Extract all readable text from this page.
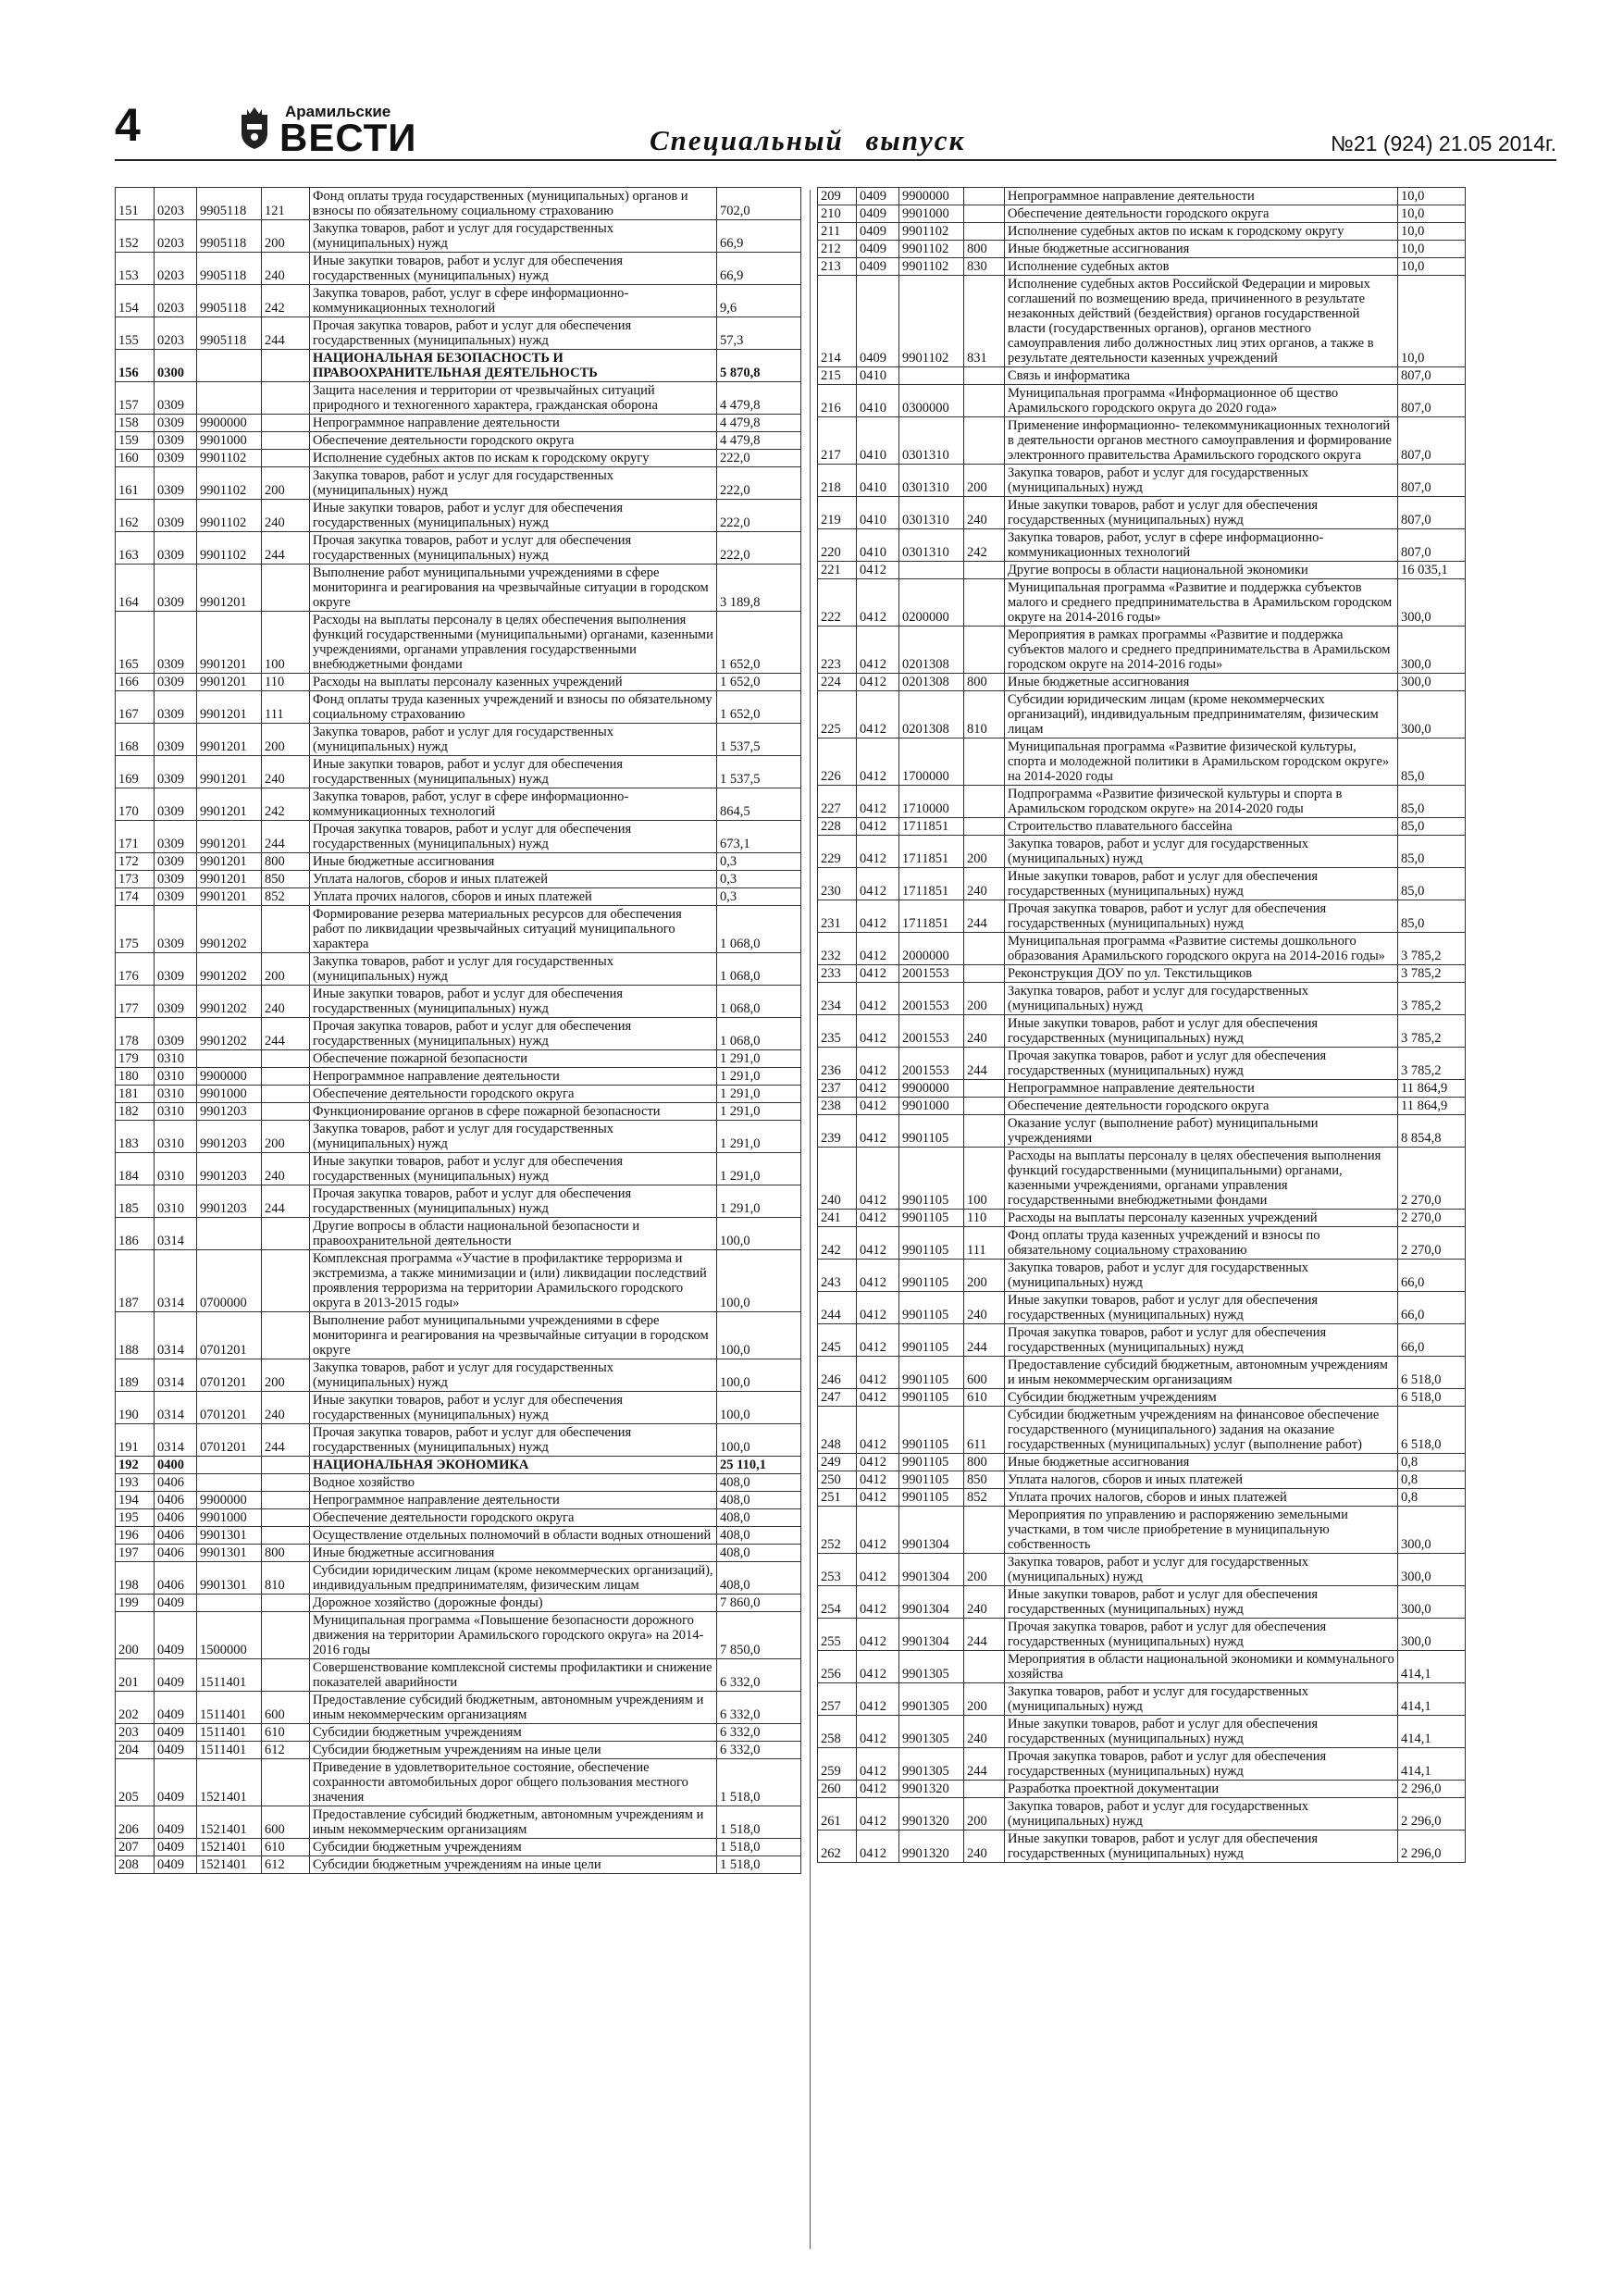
4	Арамильские
ВЕСТИ	Специальный выпуск	№21 (924) 21.05 2014г.
151	0203	9905118	121	Фонд оплаты труда государственных (муниципальных) органов и взносы по обязательному социальному страхованию	702,0
152	0203	9905118	200	Закупка товаров, работ и услуг для государственных (муниципальных) нужд	66,9
153	0203	9905118	240	Иные закупки товаров, работ и услуг для обеспечения государственных (муниципальных) нужд	66,9
154	0203	9905118	242	Закупка товаров, работ, услуг в сфере информационно-коммуникационных технологий	9,6
155	0203	9905118	244	Прочая закупка товаров, работ и услуг для обеспечения государственных (муниципальных) нужд	57,3
156	0300			НАЦИОНАЛЬНАЯ БЕЗОПАСНОСТЬ И ПРАВООХРАНИТЕЛЬНАЯ ДЕЯТЕЛЬНОСТЬ	5 870,8
157	0309			Защита населения и территории от чрезвычайных ситуаций природного и техногенного характера, гражданская оборона	4 479,8
158	0309	9900000		Непрограммное направление деятельности	4 479,8
159	0309	9901000		Обеспечение деятельности городского округа	4 479,8
160	0309	9901102		Исполнение судебных актов по искам к городскому округу	222,0
161	0309	9901102	200	Закупка товаров, работ и услуг для государственных (муниципальных) нужд	222,0
162	0309	9901102	240	Иные закупки товаров, работ и услуг для обеспечения государственных (муниципальных) нужд	222,0
163	0309	9901102	244	Прочая закупка товаров, работ и услуг для обеспечения государственных (муниципальных) нужд	222,0
164	0309	9901201		Выполнение работ муниципальными учреждениями в сфере мониторинга и реагирования на чрезвычайные ситуации в городском округе	3 189,8
165	0309	9901201	100	Расходы на выплаты персоналу в целях обеспечения выполнения функций государственными (муниципальными) органами, казенными учреждениями, органами управления государственными внебюджетными фондами	1 652,0
166	0309	9901201	110	Расходы на выплаты персоналу казенных учреждений	1 652,0
167	0309	9901201	111	Фонд оплаты труда казенных учреждений и взносы по обязательному социальному страхованию	1 652,0
168	0309	9901201	200	Закупка товаров, работ и услуг для государственных (муниципальных) нужд	1 537,5
169	0309	9901201	240	Иные закупки товаров, работ и услуг для обеспечения государственных (муниципальных) нужд	1 537,5
170	0309	9901201	242	Закупка товаров, работ, услуг в сфере информационно-коммуникационных технологий	864,5
171	0309	9901201	244	Прочая закупка товаров, работ и услуг для обеспечения государственных (муниципальных) нужд	673,1
172	0309	9901201	800	Иные бюджетные ассигнования	0,3
173	0309	9901201	850	Уплата налогов, сборов и иных платежей	0,3
174	0309	9901201	852	Уплата прочих налогов, сборов и иных платежей	0,3
175	0309	9901202		Формирование резерва материальных ресурсов для обеспечения работ по ликвидации чрезвычайных ситуаций муниципального характера	1 068,0
176	0309	9901202	200	Закупка товаров, работ и услуг для государственных (муниципальных) нужд	1 068,0
177	0309	9901202	240	Иные закупки товаров, работ и услуг для обеспечения государственных (муниципальных) нужд	1 068,0
178	0309	9901202	244	Прочая закупка товаров, работ и услуг для обеспечения государственных (муниципальных) нужд	1 068,0
179	0310			Обеспечение пожарной безопасности	1 291,0
180	0310	9900000		Непрограммное направление деятельности	1 291,0
181	0310	9901000		Обеспечение деятельности городского округа	1 291,0
182	0310	9901203		Функционирование органов в сфере пожарной безопасности	1 291,0
183	0310	9901203	200	Закупка товаров, работ и услуг для государственных (муниципальных) нужд	1 291,0
184	0310	9901203	240	Иные закупки товаров, работ и услуг для обеспечения государственных (муниципальных) нужд	1 291,0
185	0310	9901203	244	Прочая закупка товаров, работ и услуг для обеспечения государственных (муниципальных) нужд	1 291,0
186	0314			Другие вопросы в области национальной безопасности и правоохранительной деятельности	100,0
187	0314	0700000		Комплексная программа «Участие в профилактике терроризма и экстремизма, а также минимизации и (или) ликвидации последствий проявления терроризма на территории Арамильского городского округа в 2013-2015 годы»	100,0
188	0314	0701201		Выполнение работ муниципальными учреждениями в сфере мониторинга и реагирования на чрезвычайные ситуации в городском округе	100,0
189	0314	0701201	200	Закупка товаров, работ и услуг для государственных (муниципальных) нужд	100,0
190	0314	0701201	240	Иные закупки товаров, работ и услуг для обеспечения государственных (муниципальных) нужд	100,0
191	0314	0701201	244	Прочая закупка товаров, работ и услуг для обеспечения государственных (муниципальных) нужд	100,0
192	0400			НАЦИОНАЛЬНАЯ ЭКОНОМИКА	25 110,1
193	0406			Водное хозяйство	408,0
194	0406	9900000		Непрограммное направление деятельности	408,0
195	0406	9901000		Обеспечение деятельности городского округа	408,0
196	0406	9901301		Осуществление отдельных полномочий в области водных отношений	408,0
197	0406	9901301	800	Иные бюджетные ассигнования	408,0
198	0406	9901301	810	Субсидии юридическим лицам (кроме некоммерческих организаций), индивидуальным предпринимателям, физическим лицам	408,0
199	0409			Дорожное хозяйство (дорожные фонды)	7 860,0
200	0409	1500000		Муниципальная программа «Повышение безопасности дорожного движения на территории Арамильского городского округа» на 2014-2016 годы	7 850,0
201	0409	1511401		Совершенствование комплексной системы профилактики и снижение показателей аварийности	6 332,0
202	0409	1511401	600	Предоставление субсидий бюджетным, автономным учреждениям и иным некоммерческим организациям	6 332,0
203	0409	1511401	610	Субсидии бюджетным учреждениям	6 332,0
204	0409	1511401	612	Субсидии бюджетным учреждениям на иные цели	6 332,0
205	0409	1521401		Приведение в удовлетворительное состояние, обеспечение сохранности автомобильных дорог общего пользования местного значения	1 518,0
206	0409	1521401	600	Предоставление субсидий бюджетным, автономным учреждениям и иным некоммерческим организациям	1 518,0
207	0409	1521401	610	Субсидии бюджетным учреждениям	1 518,0
208	0409	1521401	612	Субсидии бюджетным учреждениям на иные цели	1 518,0
209	0409	9900000		Непрограммное направление деятельности	10,0
210	0409	9901000		Обеспечение деятельности городского округа	10,0
211	0409	9901102		Исполнение судебных актов по искам к городскому округу	10,0
212	0409	9901102	800	Иные бюджетные ассигнования	10,0
213	0409	9901102	830	Исполнение судебных актов	10,0
214	0409	9901102	831	Исполнение судебных актов Российской Федерации и мировых соглашений по возмещению вреда, причиненного в результате незаконных действий (бездействия) органов государственной власти (государственных органов), органов местного самоуправления либо должностных лиц этих органов, а также в результате деятельности казенных учреждений	10,0
215	0410			Связь и информатика	807,0
216	0410	0300000		Муниципальная программа «Информационное об щество Арамильского городского округа до 2020 года»	807,0
217	0410	0301310		Применение информационно- телекоммуникационных технологий в деятельности органов местного самоуправления и формирование электронного правительства Арамильского городского округа	807,0
218	0410	0301310	200	Закупка товаров, работ и услуг для государственных (муниципальных) нужд	807,0
219	0410	0301310	240	Иные закупки товаров, работ и услуг для обеспечения государственных (муниципальных) нужд	807,0
220	0410	0301310	242	Закупка товаров, работ, услуг в сфере информационно-коммуникационных технологий	807,0
221	0412			Другие вопросы в области национальной экономики	16 035,1
222	0412	0200000		Муниципальная программа «Развитие и поддержка субъектов малого и среднего предпринимательства в Арамильском городском округе на 2014-2016 годы»	300,0
223	0412	0201308		Мероприятия в рамках программы «Развитие и поддержка субъектов малого и среднего предпринимательства в Арамильском городском округе на 2014-2016 годы»	300,0
224	0412	0201308	800	Иные бюджетные ассигнования	300,0
225	0412	0201308	810	Субсидии юридическим лицам (кроме некоммерческих организаций), индивидуальным предпринимателям, физическим лицам	300,0
226	0412	1700000		Муниципальная программа «Развитие физической культуры, спорта и молодежной политики в Арамильском городском округе» на 2014-2020 годы	85,0
227	0412	1710000		Подпрограмма «Развитие физической культуры и спорта в Арамильском городском округе» на 2014-2020 годы	85,0
228	0412	1711851		Строительство плавательного бассейна	85,0
229	0412	1711851	200	Закупка товаров, работ и услуг для государственных (муниципальных) нужд	85,0
230	0412	1711851	240	Иные закупки товаров, работ и услуг для обеспечения государственных (муниципальных) нужд	85,0
231	0412	1711851	244	Прочая закупка товаров, работ и услуг для обеспечения государственных (муниципальных) нужд	85,0
232	0412	2000000		Муниципальная программа «Развитие системы дошкольного образования Арамильского городского округа на 2014-2016 годы»	3 785,2
233	0412	2001553		Реконструкция ДОУ по ул. Текстильщиков	3 785,2
234	0412	2001553	200	Закупка товаров, работ и услуг для государственных (муниципальных) нужд	3 785,2
235	0412	2001553	240	Иные закупки товаров, работ и услуг для обеспечения государственных (муниципальных) нужд	3 785,2
236	0412	2001553	244	Прочая закупка товаров, работ и услуг для обеспечения государственных (муниципальных) нужд	3 785,2
237	0412	9900000		Непрограммное направление деятельности	11 864,9
238	0412	9901000		Обеспечение деятельности городского округа	11 864,9
239	0412	9901105		Оказание услуг (выполнение работ) муниципальными учреждениями	8 854,8
240	0412	9901105	100	Расходы на выплаты персоналу в целях обеспечения выполнения функций государственными (муниципальными) органами, казенными учреждениями, органами управления государственными внебюджетными фондами	2 270,0
241	0412	9901105	110	Расходы на выплаты персоналу казенных учреждений	2 270,0
242	0412	9901105	111	Фонд оплаты труда казенных учреждений и взносы по обязательному социальному страхованию	2 270,0
243	0412	9901105	200	Закупка товаров, работ и услуг для государственных (муниципальных) нужд	66,0
244	0412	9901105	240	Иные закупки товаров, работ и услуг для обеспечения государственных (муниципальных) нужд	66,0
245	0412	9901105	244	Прочая закупка товаров, работ и услуг для обеспечения государственных (муниципальных) нужд	66,0
246	0412	9901105	600	Предоставление субсидий бюджетным, автономным учреждениям и иным некоммерческим организациям	6 518,0
247	0412	9901105	610	Субсидии бюджетным учреждениям	6 518,0
248	0412	9901105	611	Субсидии бюджетным учреждениям на финансовое обеспечение государственного (муниципального) задания на оказание государственных (муниципальных) услуг (выполнение работ)	6 518,0
249	0412	9901105	800	Иные бюджетные ассигнования	0,8
250	0412	9901105	850	Уплата налогов, сборов и иных платежей	0,8
251	0412	9901105	852	Уплата прочих налогов, сборов и иных платежей	0,8
252	0412	9901304		Мероприятия по управлению и распоряжению земельными участками, в том числе приобретение в муниципальную собственность	300,0
253	0412	9901304	200	Закупка товаров, работ и услуг для государственных (муниципальных) нужд	300,0
254	0412	9901304	240	Иные закупки товаров, работ и услуг для обеспечения государственных (муниципальных) нужд	300,0
255	0412	9901304	244	Прочая закупка товаров, работ и услуг для обеспечения государственных (муниципальных) нужд	300,0
256	0412	9901305		Мероприятия в области национальной экономики и коммунального хозяйства	414,1
257	0412	9901305	200	Закупка товаров, работ и услуг для государственных (муниципальных) нужд	414,1
258	0412	9901305	240	Иные закупки товаров, работ и услуг для обеспечения государственных (муниципальных) нужд	414,1
259	0412	9901305	244	Прочая закупка товаров, работ и услуг для обеспечения государственных (муниципальных) нужд	414,1
260	0412	9901320		Разработка проектной документации	2 296,0
261	0412	9901320	200	Закупка товаров, работ и услуг для государственных (муниципальных) нужд	2 296,0
262	0412	9901320	240	Иные закупки товаров, работ и услуг для обеспечения государственных (муниципальных) нужд	2 296,0
